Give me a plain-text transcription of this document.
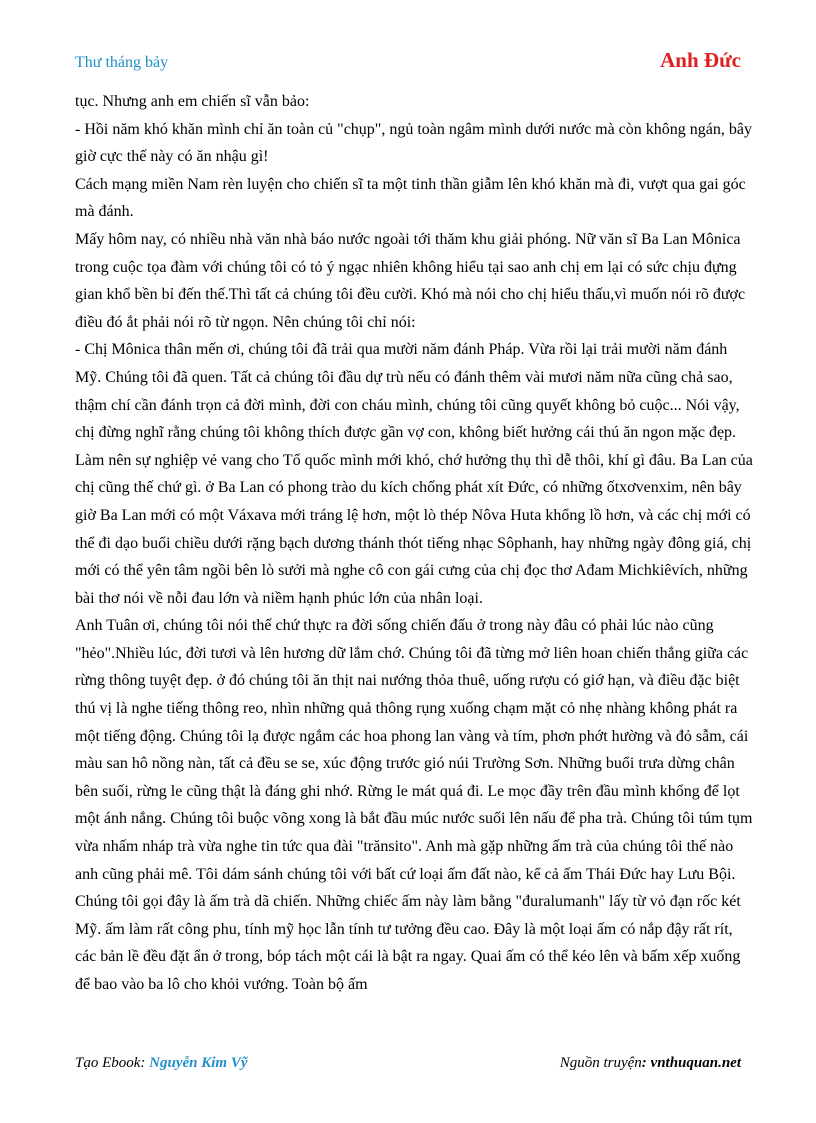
Thư tháng bảy	Anh Đức

tục. Nhưng anh em chiến sĩ vẫn bảo:

- Hồi năm khó khăn mình chỉ ăn toàn củ "chụp", ngủ toàn ngâm mình dưới nước mà còn không ngán, bây giờ cực thế này có ăn nhậu gì!

Cách mạng miền Nam rèn luyện cho chiến sĩ ta một tinh thần giẫm lên khó khăn mà đi, vượt qua gai góc mà đánh.

Mấy hôm nay, có nhiều nhà văn nhà báo nước ngoài tới thăm khu giải phóng. Nữ văn sĩ Ba Lan Mônica trong cuộc tọa đàm với chúng tôi có tỏ ý ngạc nhiên không hiểu tại sao anh chị em lại có sức chịu đựng gian khổ bền bỉ đến thế.Thì tất cả chúng tôi đều cười. Khó mà nói cho chị hiểu thấu,vì muốn nói rõ được điều đó ắt phải nói rõ từ ngọn. Nên chúng tôi chỉ nói:

- Chị Mônica thân mến ơi, chúng tôi đã trải qua mười năm đánh Pháp. Vừa rồi lại trải mười năm đánh Mỹ. Chúng tôi đã quen. Tất cả chúng tôi đầu dự trù nếu có đánh thêm vài mươi năm nữa cũng chả sao, thậm chí cần đánh trọn cả đời mình, đời con cháu mình, chúng tôi cũng quyết không bỏ cuộc... Nói vậy, chị đừng nghĩ rằng chúng tôi không thích được gần vợ con, không biết hưởng cái thú ăn ngon mặc đẹp. Làm nên sự nghiệp vẻ vang cho Tổ quốc mình mới khó, chớ hưởng thụ thì dễ thôi, khí gì đâu. Ba Lan của chị cũng thế chứ gì. ở Ba Lan có phong trào du kích chống phát xít Đức, có những ốtxơvenxim, nên bây giờ Ba Lan mới có một Váxava mới tráng lệ hơn, một lò thép Nôva Huta khổng lồ hơn, và các chị mới có thể đi dạo buổi chiều dưới rặng bạch dương thánh thót tiếng nhạc Sôphanh, hay những ngày đông giá, chị mới có thể yên tâm ngồi bên lò sưởi mà nghe cô con gái cưng của chị đọc thơ Ađam Michkiêvích, những bài thơ nói về nỗi đau lớn và niềm hạnh phúc lớn của nhân loại.

Anh Tuân ơi, chúng tôi nói thế chứ thực ra đời sống chiến đấu ở trong này đâu có phải lúc nào cũng "hẻo".Nhiều lúc, đời tươi và lên hương dữ lắm chớ. Chúng tôi đã từng mở liên hoan chiến thắng giữa các rừng thông tuyệt đẹp. ở đó chúng tôi ăn thịt nai nướng thỏa thuê, uống rượu có giớ hạn, và điều đặc biệt thú vị là nghe tiếng thông reo, nhìn những quả thông rụng xuống chạm mặt cỏ nhẹ nhàng không phát ra một tiếng động. Chúng tôi lạ được ngắm các hoa phong lan vàng và tím, phơn phớt hường và đỏ sẫm, cái màu san hô nồng nàn, tất cả đều se se, xúc động trước gió núi Trường Sơn. Những buổi trưa dừng chân bên suối, rừng le cũng thật là đáng ghi nhớ. Rừng le mát quá đi. Le mọc đầy trên đầu mình khổng để lọt một ánh nắng. Chúng tôi buộc võng xong là bắt đầu múc nước suối lên nấu để pha trà. Chúng tôi túm tụm vừa nhấm nháp trà vừa nghe tin tức qua đài "trănsito". Anh mà gặp những ấm trà của chúng tôi thế nào anh cũng phải mê. Tôi dám sánh chúng tôi với bất cứ loại ấm đất nào, kể cả ấm Thái Đức hay Lưu Bội. Chúng tôi gọi đây là ấm trà dã chiến. Những chiếc ấm này làm bằng "đuralumanh" lấy từ vỏ đạn rốc két Mỹ. ấm làm rất công phu, tính mỹ học lẫn tính tư tưởng đều cao. Đây là một loại ấm có nắp đậy rất rít, các bản lề đều đặt ẩn ở trong, bóp tách một cái là bật ra ngay. Quai ấm có thể kéo lên và bấm xếp xuống để bao vào ba lô cho khỏi vướng. Toàn bộ ấm

Tạo Ebook: Nguyễn Kim Vỹ	Nguồn truyện: vnthuquan.net
